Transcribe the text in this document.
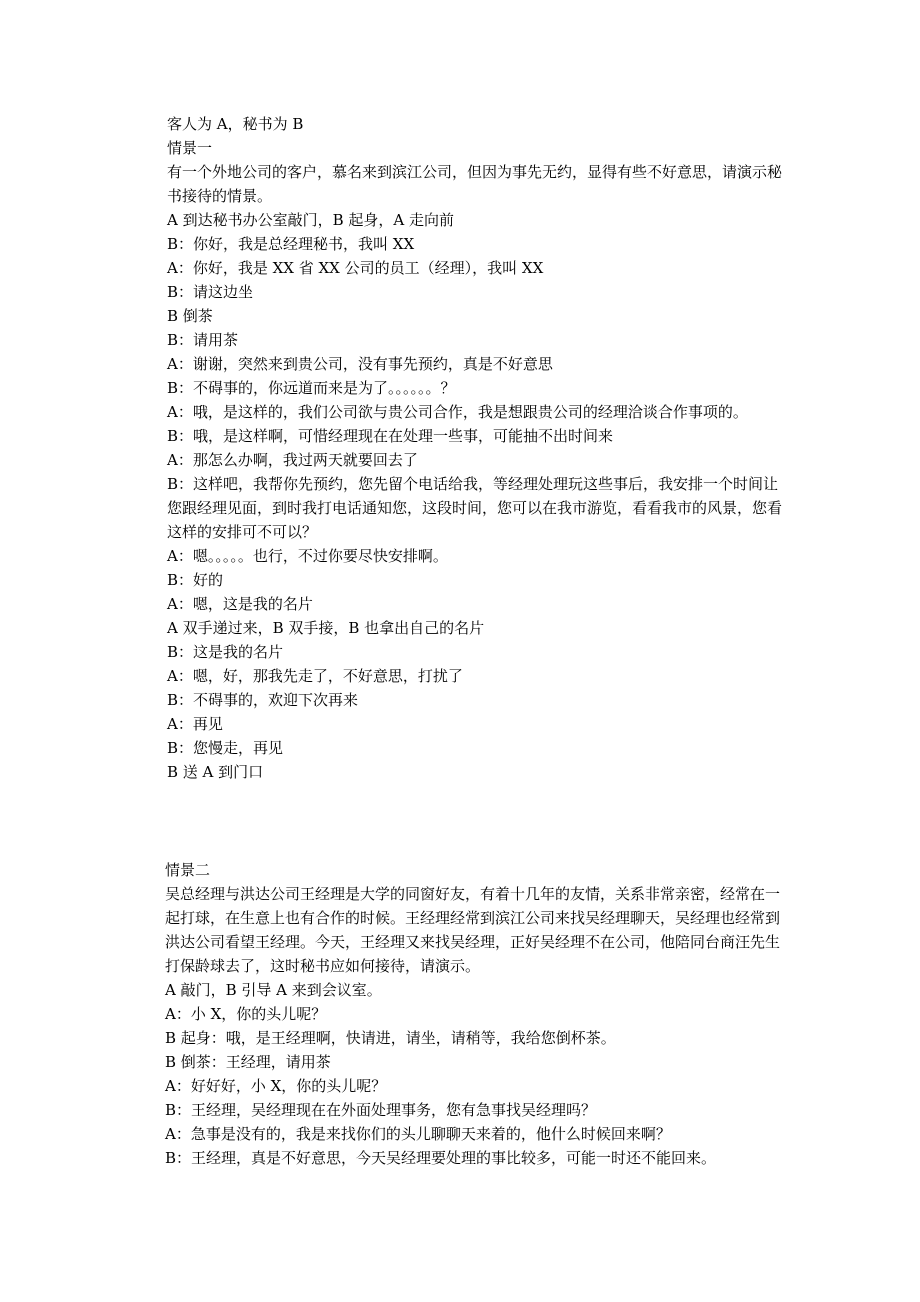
客人为 A，秘书为 B

情景一

有一个外地公司的客户，慕名来到滨江公司，但因为事先无约，显得有些不好意思，请演示秘书接待的情景。

A 到达秘书办公室敲门，B 起身，A 走向前

B：你好，我是总经理秘书，我叫 XX

A：你好，我是 XX 省 XX 公司的员工（经理），我叫 XX

B：请这边坐

B 倒茶

B：请用茶

A：谢谢，突然来到贵公司，没有事先预约，真是不好意思

B：不碍事的，你远道而来是为了。。。。。。？

A：哦，是这样的，我们公司欲与贵公司合作，我是想跟贵公司的经理洽谈合作事项的。

B：哦，是这样啊，可惜经理现在在处理一些事，可能抽不出时间来

A：那怎么办啊，我过两天就要回去了

B：这样吧，我帮你先预约，您先留个电话给我，等经理处理玩这些事后，我安排一个时间让您跟经理见面，到时我打电话通知您，这段时间，您可以在我市游览，看看我市的风景，您看这样的安排可不可以？

A：嗯。。。。。也行，不过你要尽快安排啊。

B：好的

A：嗯，这是我的名片

A 双手递过来，B 双手接，B 也拿出自己的名片

B：这是我的名片

A：嗯，好，那我先走了，不好意思，打扰了

B：不碍事的，欢迎下次再来

A：再见

B：您慢走，再见

B 送 A 到门口

情景二

吴总经理与洪达公司王经理是大学的同窗好友，有着十几年的友情，关系非常亲密，经常在一起打球，在生意上也有合作的时候。王经理经常到滨江公司来找吴经理聊天，吴经理也经常到洪达公司看望王经理。今天，王经理又来找吴经理，正好吴经理不在公司，他陪同台商汪先生打保龄球去了，这时秘书应如何接待，请演示。

A 敲门，B 引导 A 来到会议室。

A：小 X，你的头儿呢？

B 起身：哦，是王经理啊，快请进，请坐，请稍等，我给您倒杯茶。

B 倒茶：王经理，请用茶

A：好好好，小 X，你的头儿呢？

B：王经理，吴经理现在在外面处理事务，您有急事找吴经理吗？

A：急事是没有的，我是来找你们的头儿聊聊天来着的，他什么时候回来啊？

B：王经理，真是不好意思，今天吴经理要处理的事比较多，可能一时还不能回来。
